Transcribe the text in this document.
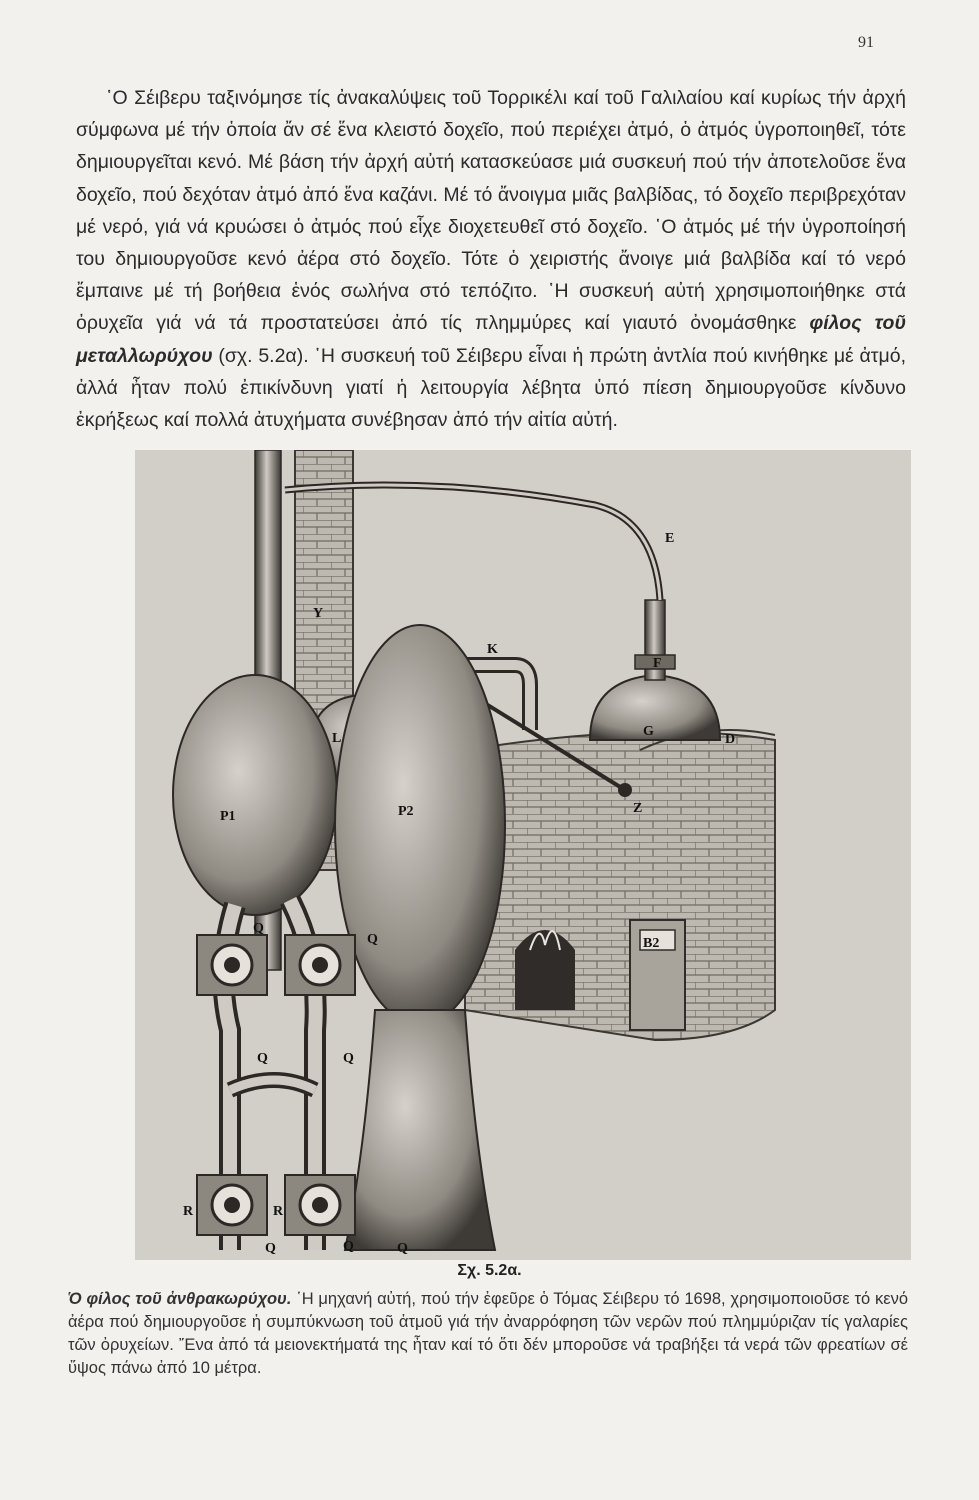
91

῾Ο Σέιβερυ ταξινόμησε τίς ἀνακαλύψεις τοῦ Τορρικέλι καί τοῦ Γαλιλαίου καί κυρίως τήν ἀρχή σύμφωνα μέ τήν ὁποία ἄν σέ ἕνα κλειστό δοχεῖο, πού περιέχει ἀτμό, ὁ ἀτμός ὑγροποιηθεῖ, τότε δημιουργεῖται κενό. Μέ βάση τήν ἀρχή αὐτή κατασκεύασε μιά συσκευή πού τήν ἀποτελοῦσε ἕνα δοχεῖο, πού δεχόταν ἀτμό ἀπό ἕνα καζάνι. Μέ τό ἄνοιγμα μιᾶς βαλβίδας, τό δοχεῖο περιβρεχόταν μέ νερό, γιά νά κρυώσει ὁ ἀτμός πού εἶχε διοχετευθεῖ στό δοχεῖο. ῾Ο ἀτμός μέ τήν ὑγροποίησή του δημιουργοῦσε κενό ἀέρα στό δοχεῖο. Τότε ὁ χειριστής ἄνοιγε μιά βαλβίδα καί τό νερό ἔμπαινε μέ τή βοήθεια ἑνός σωλήνα στό τεπόζιτο. ῾Η συσκευή αὐτή χρησιμοποιήθηκε στά ὀρυχεῖα γιά νά τά προστατεύσει ἀπό τίς πλημμύρες καί γιαυτό ὀνομάσθηκε φίλος τοῦ μεταλλωρύχου (σχ. 5.2α). ῾Η συσκευή τοῦ Σέιβερυ εἶναι ἡ πρώτη ἀντλία πού κινήθηκε μέ ἀτμό, ἀλλά ἦταν πολύ ἐπικίνδυνη γιατί ἡ λειτουργία λέβητα ὑπό πίεση δημιουργοῦσε κίνδυνο ἐκρήξεως καί πολλά ἀτυχήματα συνέβησαν ἀπό τήν αἰτία αὐτή.

E
Y
K
F
G
D
L
P1	P2	Z
Q
Q
Q	Q
B2
R	R
Q	Q	Q
Σχ. 5.2α.

Ὁ φίλος τοῦ ἀνθρακωρύχου. ῾Η μηχανή αὐτή, πού τήν ἐφεῦρε ὁ Τόμας Σέιβερυ τό 1698, χρησιμοποιοῦσε τό κενό ἀέρα πού δημιουργοῦσε ἡ συμπύκνωση τοῦ ἀτμοῦ γιά τήν ἀναρρόφηση τῶν νερῶν πού πλημμύριζαν τίς γαλαρίες τῶν ὀρυχείων. ῎Ενα ἀπό τά μειονεκτήματά της ἦταν καί τό ὅτι δέν μποροῦσε νά τραβήξει τά νερά τῶν φρεατίων σέ ὕψος πάνω ἀπό 10 μέτρα.
